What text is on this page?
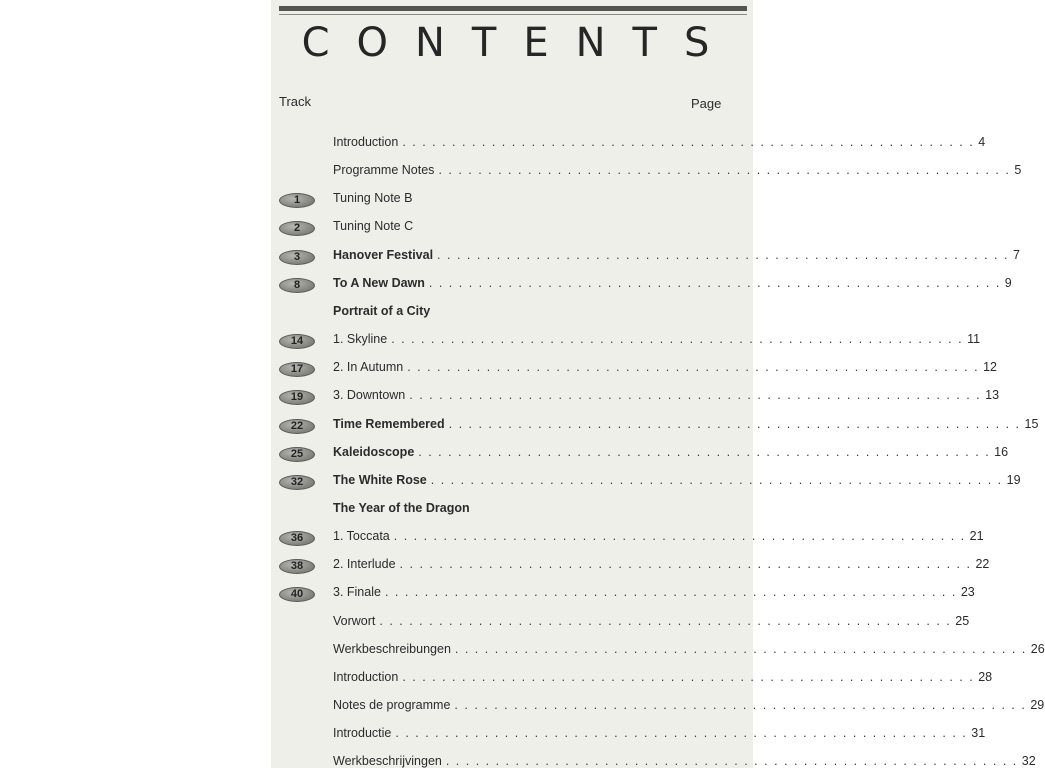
CONTENTS
Track	Page
Introduction . . . . . . . . . . . . . . . . . . . . . . . . . . . . . . . . . . . . . . . . . . . . . . . . . . . . . . . . . . 4
Programme Notes . . . . . . . . . . . . . . . . . . . . . . . . . . . . . . . . . . . . . . . . . . . . . . . . . . . . . . . . . . 5
1	Tuning Note B
2	Tuning Note C
3	Hanover Festival . . . . . . . . . . . . . . . . . . . . . . . . . . . . . . . . . . . . . . . . . . . . . . . . . . . . . . . . . . 7
8	To A New Dawn . . . . . . . . . . . . . . . . . . . . . . . . . . . . . . . . . . . . . . . . . . . . . . . . . . . . . . . . . . 9
Portrait of a City
14	1. Skyline . . . . . . . . . . . . . . . . . . . . . . . . . . . . . . . . . . . . . . . . . . . . . . . . . . . . . . . . . . 11
17	2. In Autumn . . . . . . . . . . . . . . . . . . . . . . . . . . . . . . . . . . . . . . . . . . . . . . . . . . . . . . . . . . 12
19	3. Downtown . . . . . . . . . . . . . . . . . . . . . . . . . . . . . . . . . . . . . . . . . . . . . . . . . . . . . . . . . . 13
22	Time Remembered . . . . . . . . . . . . . . . . . . . . . . . . . . . . . . . . . . . . . . . . . . . . . . . . . . . . . . . . . . 15
25	Kaleidoscope . . . . . . . . . . . . . . . . . . . . . . . . . . . . . . . . . . . . . . . . . . . . . . . . . . . . . . . . . . 16
32	The White Rose . . . . . . . . . . . . . . . . . . . . . . . . . . . . . . . . . . . . . . . . . . . . . . . . . . . . . . . . . . 19
The Year of the Dragon
36	1. Toccata . . . . . . . . . . . . . . . . . . . . . . . . . . . . . . . . . . . . . . . . . . . . . . . . . . . . . . . . . . 21
38	2. Interlude . . . . . . . . . . . . . . . . . . . . . . . . . . . . . . . . . . . . . . . . . . . . . . . . . . . . . . . . . . 22
40	3. Finale . . . . . . . . . . . . . . . . . . . . . . . . . . . . . . . . . . . . . . . . . . . . . . . . . . . . . . . . . . 23
Vorwort . . . . . . . . . . . . . . . . . . . . . . . . . . . . . . . . . . . . . . . . . . . . . . . . . . . . . . . . . . 25
Werkbeschreibungen . . . . . . . . . . . . . . . . . . . . . . . . . . . . . . . . . . . . . . . . . . . . . . . . . . . . . . . . . . 26
Introduction . . . . . . . . . . . . . . . . . . . . . . . . . . . . . . . . . . . . . . . . . . . . . . . . . . . . . . . . . . 28
Notes de programme . . . . . . . . . . . . . . . . . . . . . . . . . . . . . . . . . . . . . . . . . . . . . . . . . . . . . . . . . . 29
Introductie . . . . . . . . . . . . . . . . . . . . . . . . . . . . . . . . . . . . . . . . . . . . . . . . . . . . . . . . . . 31
Werkbeschrijvingen . . . . . . . . . . . . . . . . . . . . . . . . . . . . . . . . . . . . . . . . . . . . . . . . . . . . . . . . . . 32
